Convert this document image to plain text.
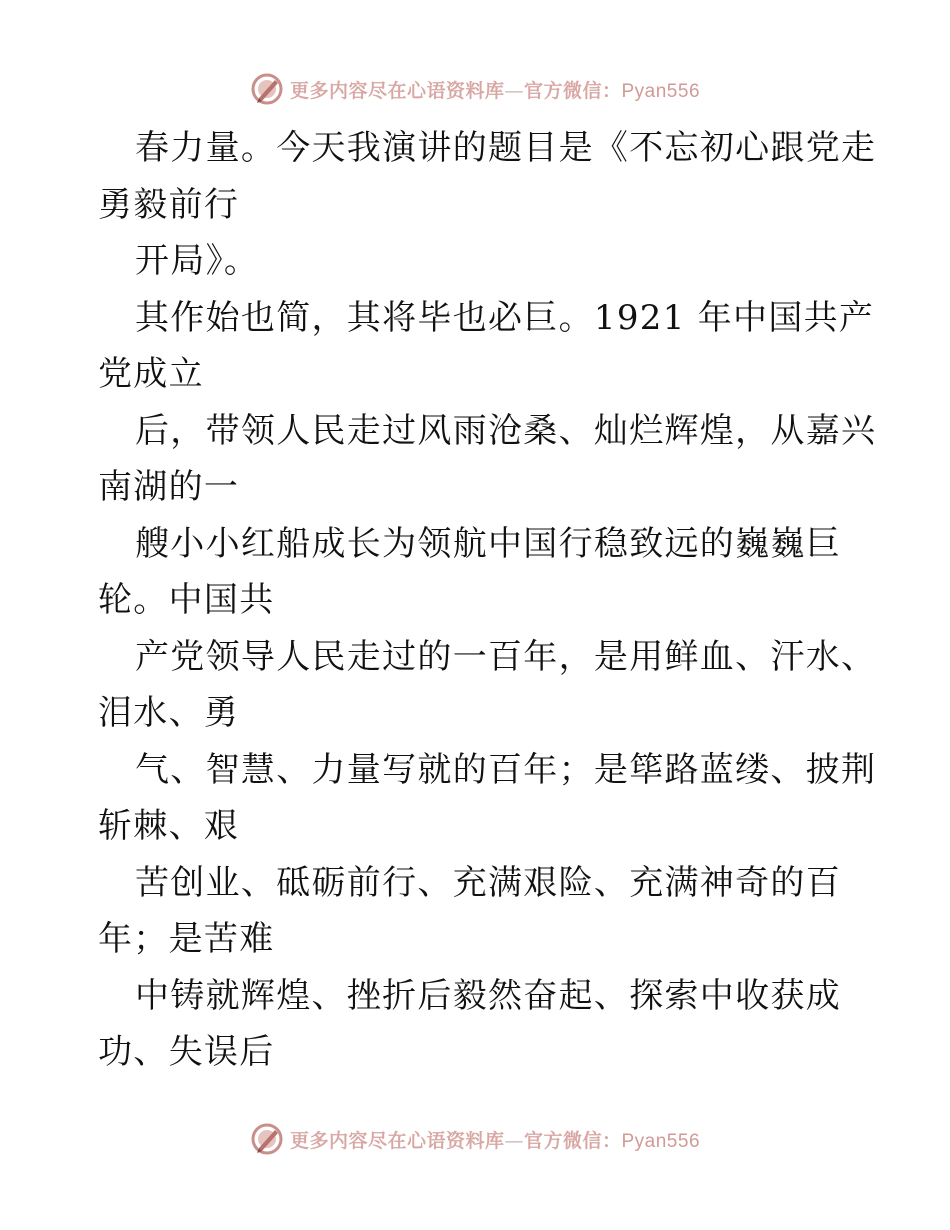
更多内容尽在心语资料库—官方微信：Pyan556
春力量。今天我演讲的题目是《不忘初心跟党走
勇毅前行
开局》。
其作始也简，其将毕也必巨。1921 年中国共产
党成立
后，带领人民走过风雨沧桑、灿烂辉煌，从嘉兴
南湖的一
艘小小红船成长为领航中国行稳致远的巍巍巨
轮。中国共
产党领导人民走过的一百年，是用鲜血、汗水、
泪水、勇
气、智慧、力量写就的百年；是筚路蓝缕、披荆
斩棘、艰
苦创业、砥砺前行、充满艰险、充满神奇的百
年；是苦难
中铸就辉煌、挫折后毅然奋起、探索中收获成
功、失误后
更多内容尽在心语资料库—官方微信：Pyan556
